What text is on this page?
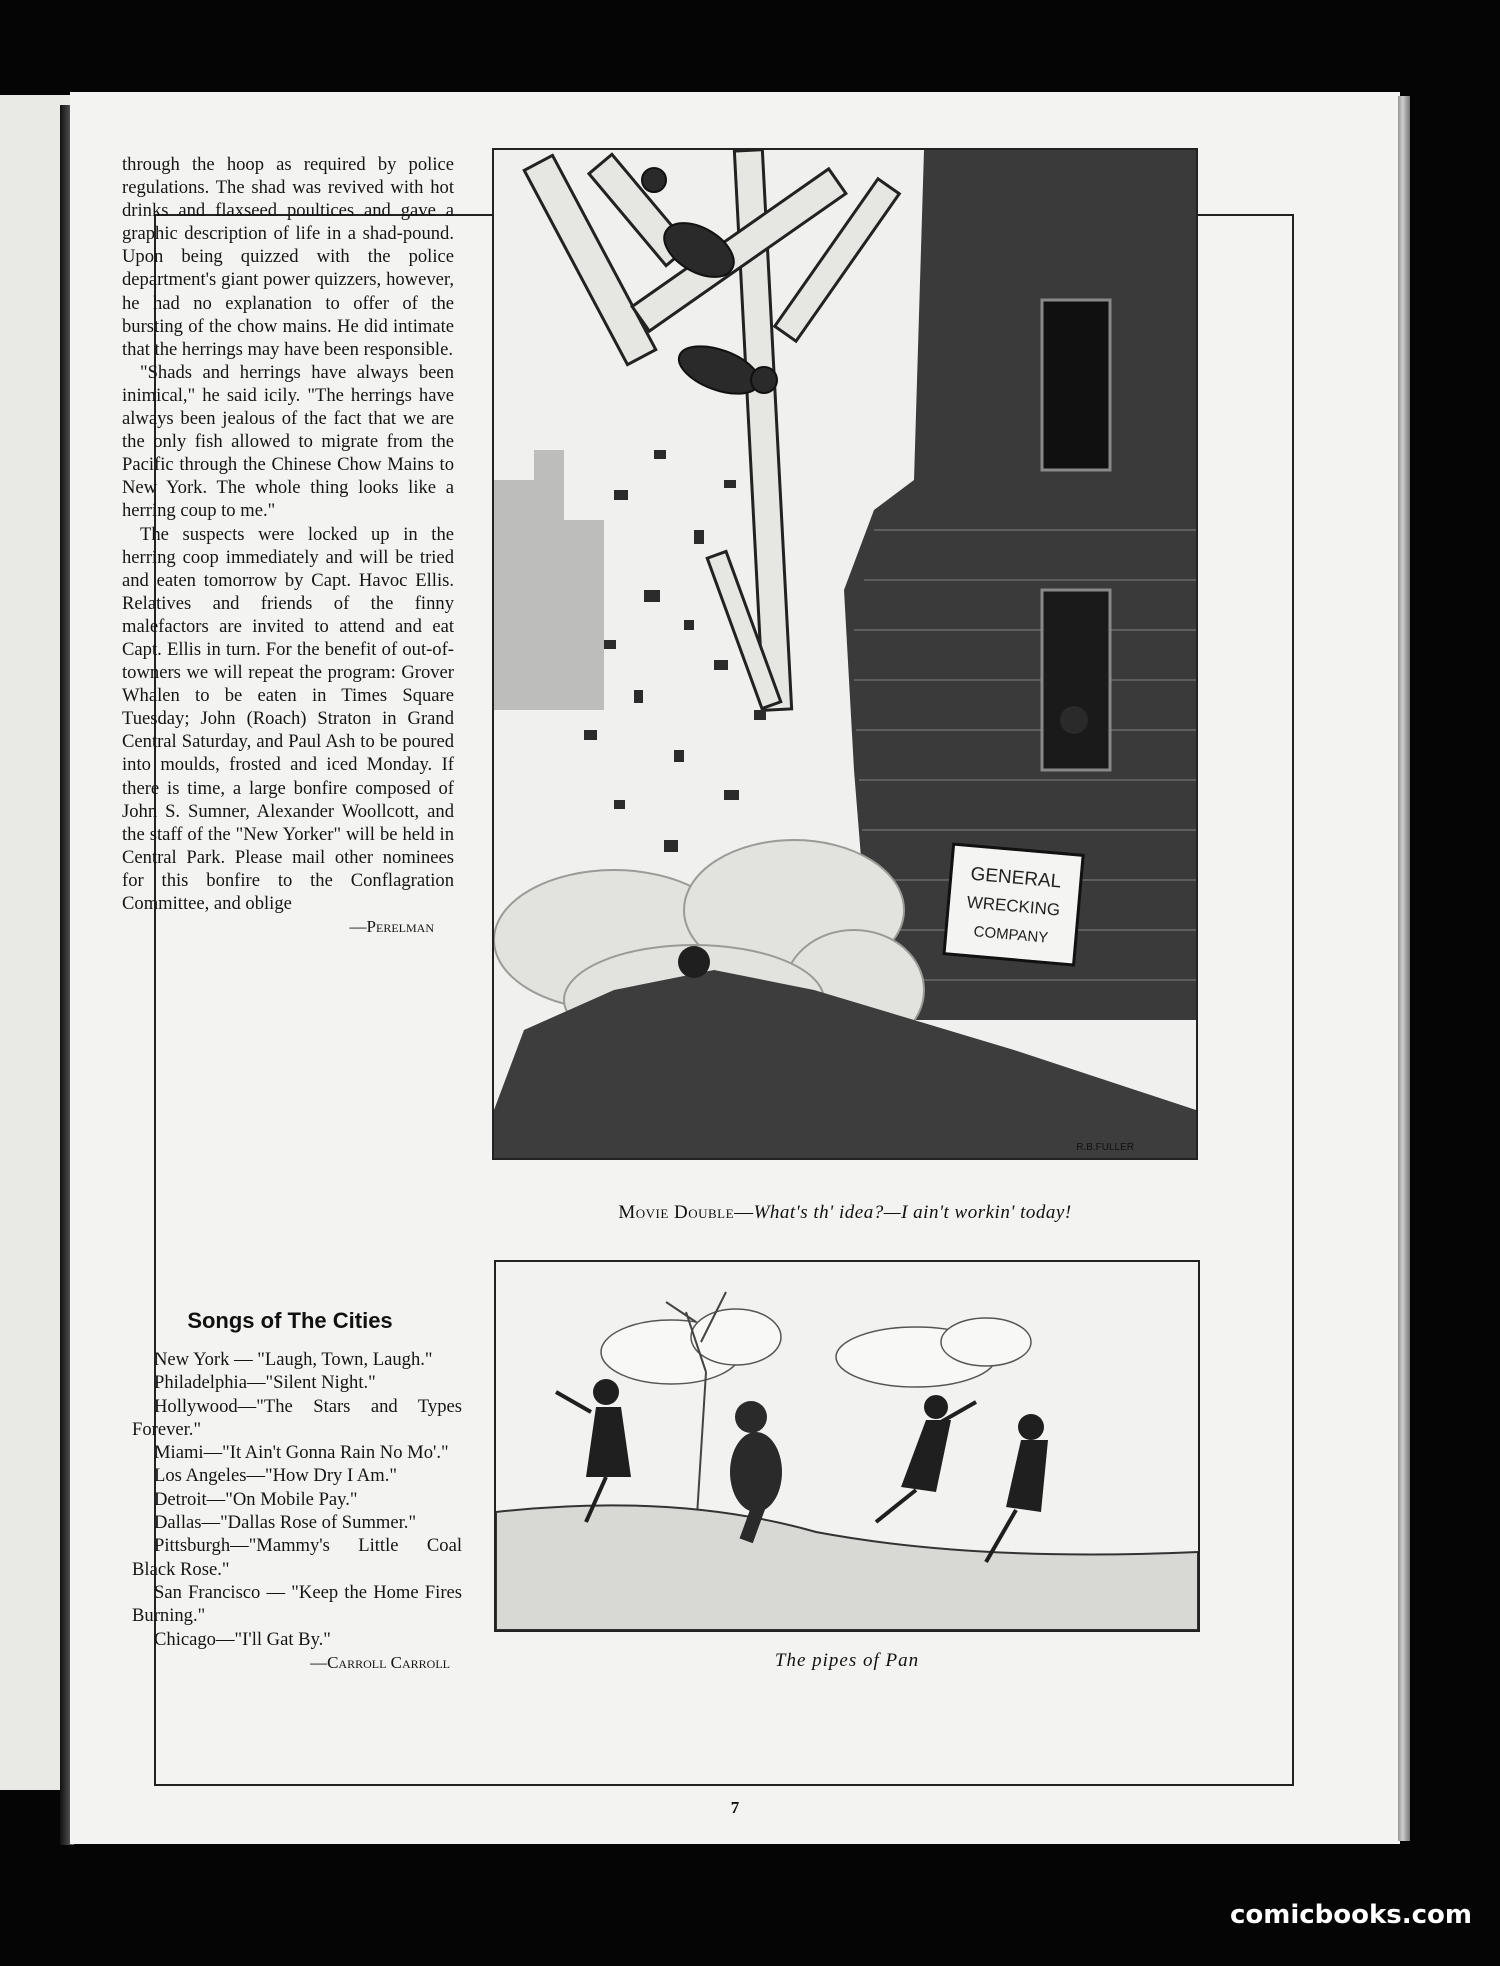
7

through the hoop as required by police regulations. The shad was revived with hot drinks and flaxseed poultices and gave a graphic description of life in a shad-pound. Upon being quizzed with the police department's giant power quizzers, however, he had no explanation to offer of the bursting of the chow mains. He did intimate that the herrings may have been responsible.

"Shads and herrings have always been inimical," he said icily. "The herrings have always been jealous of the fact that we are the only fish allowed to migrate from the Pacific through the Chinese Chow Mains to New York. The whole thing looks like a herring coup to me."

The suspects were locked up in the herring coop immediately and will be tried and eaten tomorrow by Capt. Havoc Ellis. Relatives and friends of the finny malefactors are invited to attend and eat Capt. Ellis in turn. For the benefit of out-of-towners we will repeat the program: Grover Whalen to be eaten in Times Square Tuesday; John (Roach) Straton in Grand Central Saturday, and Paul Ash to be poured into moulds, frosted and iced Monday. If there is time, a large bonfire composed of John S. Sumner, Alexander Woollcott, and the staff of the "New Yorker" will be held in Central Park. Please mail other nominees for this bonfire to the Conflagration Committee, and oblige

—Perelman

Songs of The Cities
New York — "Laugh, Town, Laugh."
Philadelphia—"Silent Night."
Hollywood—"The Stars and Types Forever."
Miami—"It Ain't Gonna Rain No Mo'."
Los Angeles—"How Dry I Am."
Detroit—"On Mobile Pay."
Dallas—"Dallas Rose of Summer."
Pittsburgh—"Mammy's Little Coal Black Rose."
San Francisco — "Keep the Home Fires Burning."
Chicago—"I'll Gat By."
—Carroll Carroll
GENERAL
WRECKING
COMPANY
R.B.FULLER
Movie Double—What's th' idea?—I ain't workin' today!
The pipes of Pan
comicbooks.com
